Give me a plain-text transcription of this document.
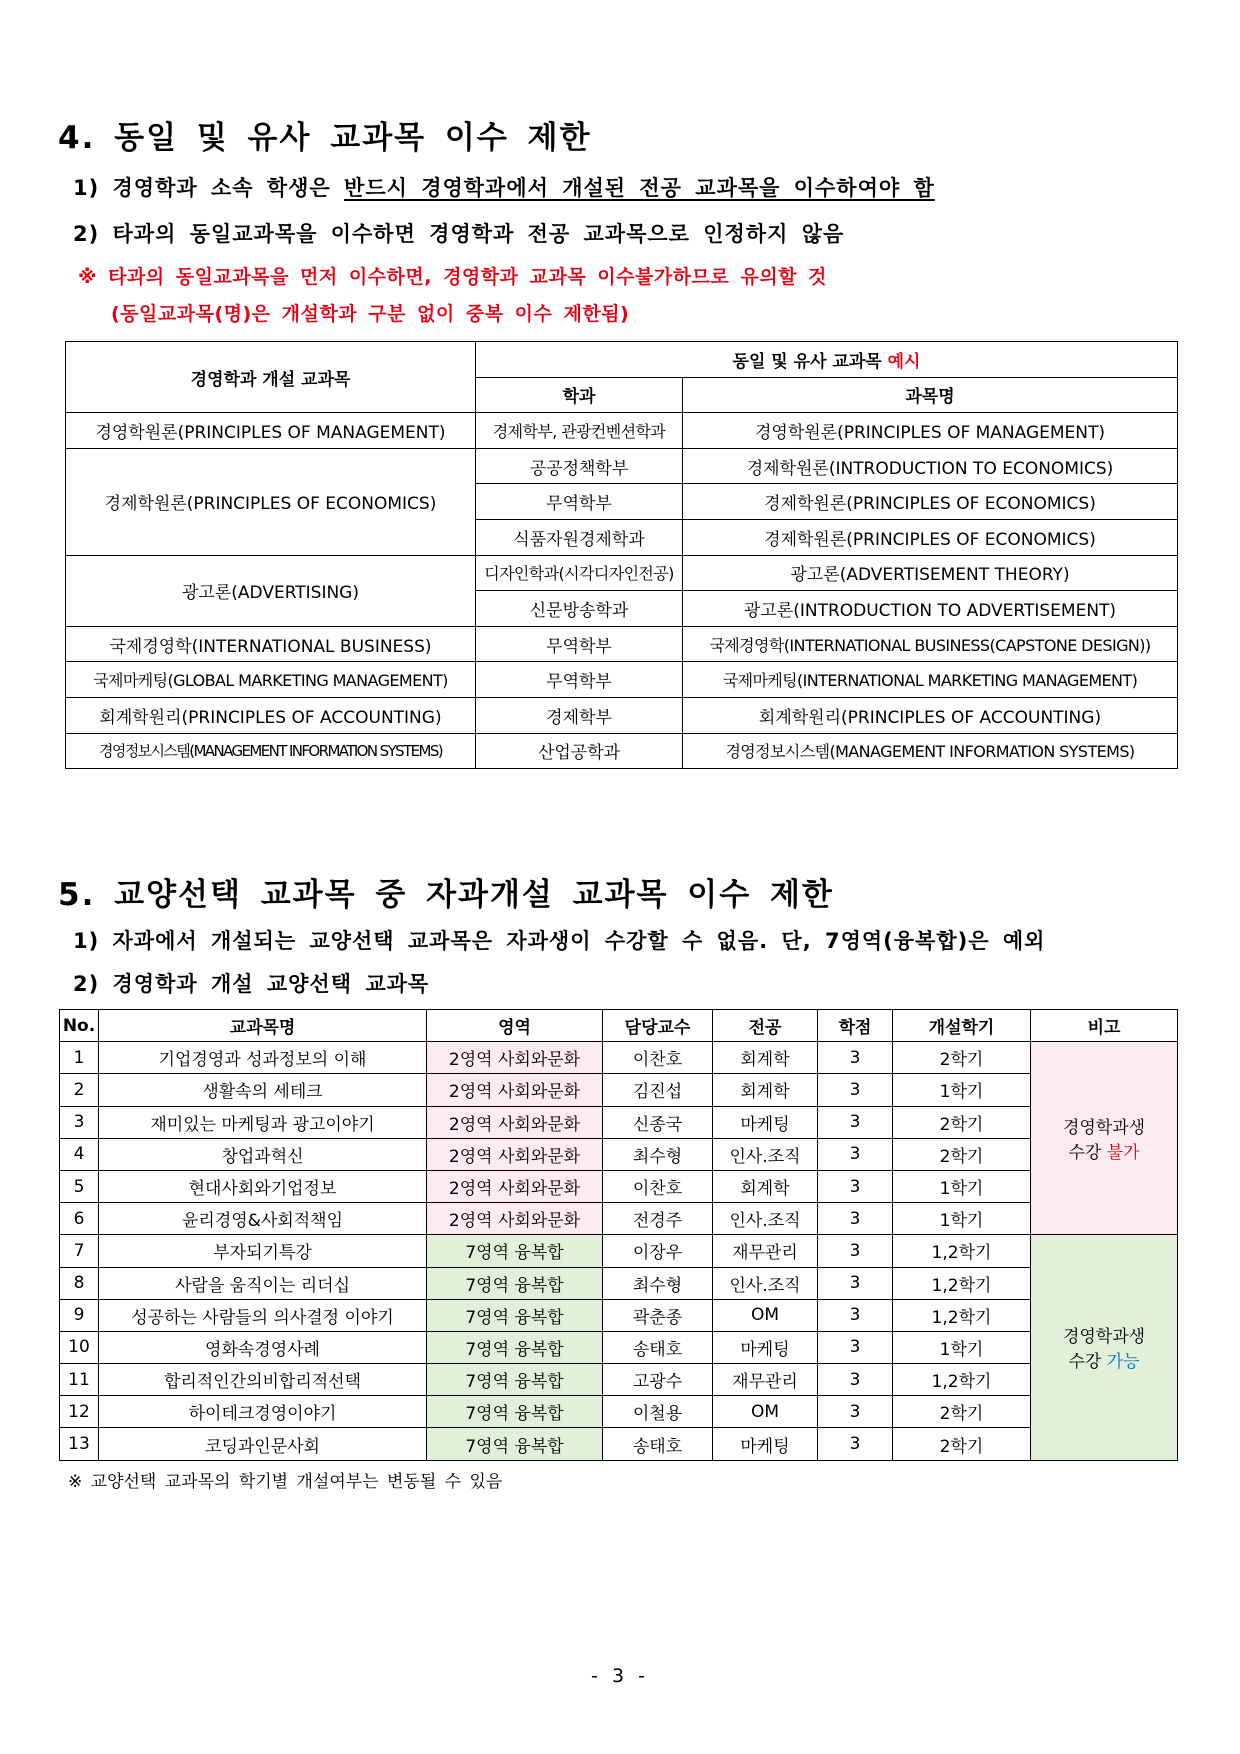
4. 동일 및 유사 교과목 이수 제한

1) 경영학과 소속 학생은 반드시 경영학과에서 개설된 전공 교과목을 이수하여야 함

2) 타과의 동일교과목을 이수하면 경영학과 전공 교과목으로 인정하지 않음

※ 타과의 동일교과목을 먼저 이수하면, 경영학과 교과목 이수불가하므로 유의할 것

(동일교과목(명)은 개설학과 구분 없이 중복 이수 제한됨)

경영학과 개설 교과목	동일 및 유사 교과목 예시	
	학과	과목명
경영학원론(PRINCIPLES OF MANAGEMENT)	경제학부, 관광컨벤션학과	경영학원론(PRINCIPLES OF MANAGEMENT)
경제학원론(PRINCIPLES OF ECONOMICS)	공공정책학부	경제학원론(INTRODUCTION TO ECONOMICS)
	무역학부	경제학원론(PRINCIPLES OF ECONOMICS)
	식품자원경제학과	경제학원론(PRINCIPLES OF ECONOMICS)
광고론(ADVERTISING)	디자인학과(시각디자인전공)	광고론(ADVERTISEMENT THEORY)
	신문방송학과	광고론(INTRODUCTION TO ADVERTISEMENT)
국제경영학(INTERNATIONAL BUSINESS)	무역학부	국제경영학(INTERNATIONAL BUSINESS(CAPSTONE DESIGN))
국제마케팅(GLOBAL MARKETING MANAGEMENT)	무역학부	국제마케팅(INTERNATIONAL MARKETING MANAGEMENT)
회계학원리(PRINCIPLES OF ACCOUNTING)	경제학부	회계학원리(PRINCIPLES OF ACCOUNTING)
경영정보시스템(MANAGEMENT INFORMATION SYSTEMS)	산업공학과	경영정보시스템(MANAGEMENT INFORMATION SYSTEMS)
5. 교양선택 교과목 중 자과개설 교과목 이수 제한

1) 자과에서 개설되는 교양선택 교과목은 자과생이 수강할 수 없음. 단, 7영역(융복합)은 예외

2) 경영학과 개설 교양선택 교과목

No.	교과목명	영역	담당교수	전공	학점	개설학기	비고
1	기업경영과 성과정보의 이해	2영역 사회와문화	이찬호	회계학	3	2학기	경영학과생
수강 불가

2	생활속의 세테크	2영역 사회와문화	김진섭	회계학	3	1학기	
3	재미있는 마케팅과 광고이야기	2영역 사회와문화	신종국	마케팅	3	2학기	
4	창업과혁신	2영역 사회와문화	최수형	인사.조직	3	2학기	
5	현대사회와기업정보	2영역 사회와문화	이찬호	회계학	3	1학기	
6	윤리경영&사회적책임	2영역 사회와문화	전경주	인사.조직	3	1학기	
7	부자되기특강	7영역 융복합	이장우	재무관리	3	1,2학기	경영학과생
수강 가능

8	사람을 움직이는 리더십	7영역 융복합	최수형	인사.조직	3	1,2학기	
9	성공하는 사람들의 의사결정 이야기	7영역 융복합	곽춘종	OM	3	1,2학기	
10	영화속경영사례	7영역 융복합	송태호	마케팅	3	1학기	
11	합리적인간의비합리적선택	7영역 융복합	고광수	재무관리	3	1,2학기	
12	하이테크경영이야기	7영역 융복합	이철용	OM	3	2학기	
13	코딩과인문사회	7영역 융복합	송태호	마케팅	3	2학기	

※ 교양선택 교과목의 학기별 개설여부는 변동될 수 있음

- 3 -
